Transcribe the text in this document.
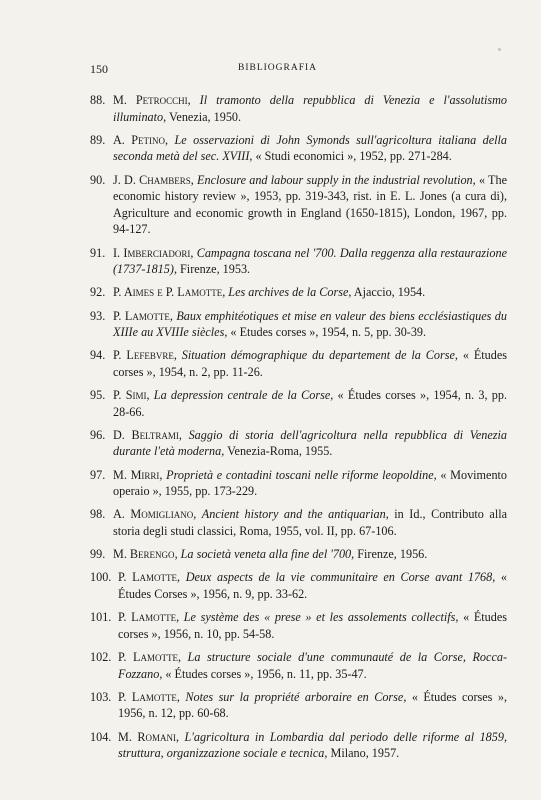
150	BIBLIOGRAFIA

88. M. Petrocchi, Il tramonto della repubblica di Venezia e l'assolutismo illuminato, Venezia, 1950.

89. A. Petino, Le osservazioni di John Symonds sull'agricoltura italiana della seconda metà del sec. XVIII, « Studi economici », 1952, pp. 271-284.

90. J. D. Chambers, Enclosure and labour supply in the industrial revolution, « The economic history review », 1953, pp. 319-343, rist. in E. L. Jones (a cura di), Agriculture and economic growth in England (1650-1815), London, 1967, pp. 94-127.

91. I. Imberciadori, Campagna toscana nel '700. Dalla reggenza alla restaurazione (1737-1815), Firenze, 1953.

92. P. Aimes e P. Lamotte, Les archives de la Corse, Ajaccio, 1954.

93. P. Lamotte, Baux emphitéotiques et mise en valeur des biens ecclésiastiques du XIIIe au XVIIIe siècles, « Etudes corses », 1954, n. 5, pp. 30-39.

94. P. Lefebvre, Situation démographique du departement de la Corse, « Études corses », 1954, n. 2, pp. 11-26.

95. P. Simi, La depression centrale de la Corse, « Études corses », 1954, n. 3, pp. 28-66.

96. D. Beltrami, Saggio di storia dell'agricoltura nella repubblica di Venezia durante l'età moderna, Venezia-Roma, 1955.

97. M. Mirri, Proprietà e contadini toscani nelle riforme leopoldine, « Movimento operaio », 1955, pp. 173-229.

98. A. Momigliano, Ancient history and the antiquarian, in Id., Contributo alla storia degli studi classici, Roma, 1955, vol. II, pp. 67-106.

99. M. Berengo, La società veneta alla fine del '700, Firenze, 1956.

100. P. Lamotte, Deux aspects de la vie communitaire en Corse avant 1768, « Études Corses », 1956, n. 9, pp. 33-62.

101. P. Lamotte, Le système des « prese » et les assolements collectifs, « Études corses », 1956, n. 10, pp. 54-58.

102. P. Lamotte, La structure sociale d'une communauté de la Corse, Rocca-Fozzano, « Études corses », 1956, n. 11, pp. 35-47.

103. P. Lamotte, Notes sur la propriété arboraire en Corse, « Études corses », 1956, n. 12, pp. 60-68.

104. M. Romani, L'agricoltura in Lombardia dal periodo delle riforme al 1859, struttura, organizzazione sociale e tecnica, Milano, 1957.
